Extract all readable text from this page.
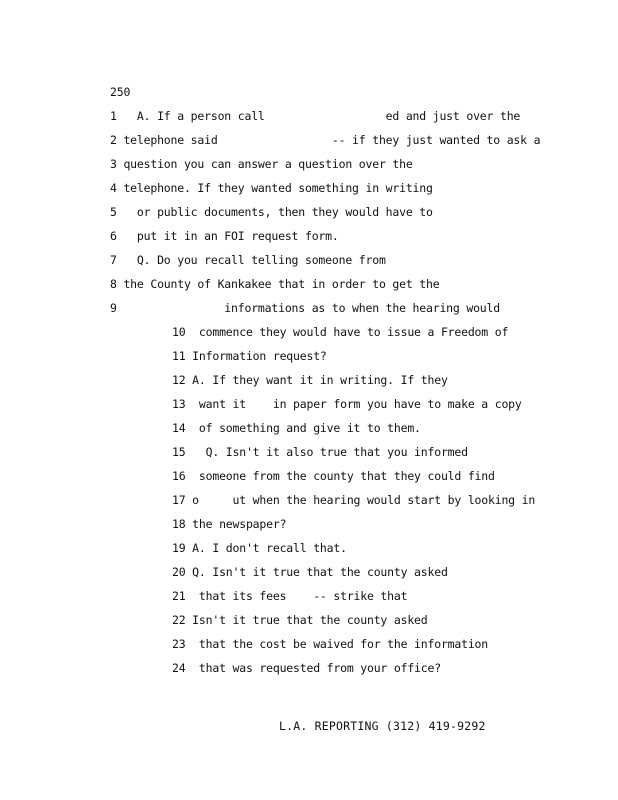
250
1   A. If a person call                  ed and just over the
2 telephone said                 -- if they just wanted to ask a
3 question you can answer a question over the
4 telephone. If they wanted something in writing
5   or public documents, then they would have to
6   put it in an FOI request form.
7   Q. Do you recall telling someone from
8 the County of Kankakee that in order to get the
9                informations as to when the hearing would
10  commence they would have to issue a Freedom of
11 Information request?
12 A. If they want it in writing. If they
13  want it    in paper form you have to make a copy
14  of something and give it to them.
15   Q. Isn't it also true that you informed
16  someone from the county that they could find
17 o     ut when the hearing would start by looking in
18 the newspaper?
19 A. I don't recall that.
20 Q. Isn't it true that the county asked
21  that its fees    -- strike that
22 Isn't it true that the county asked
23  that the cost be waived for the information
24  that was requested from your office?
L.A. REPORTING (312) 419-9292
